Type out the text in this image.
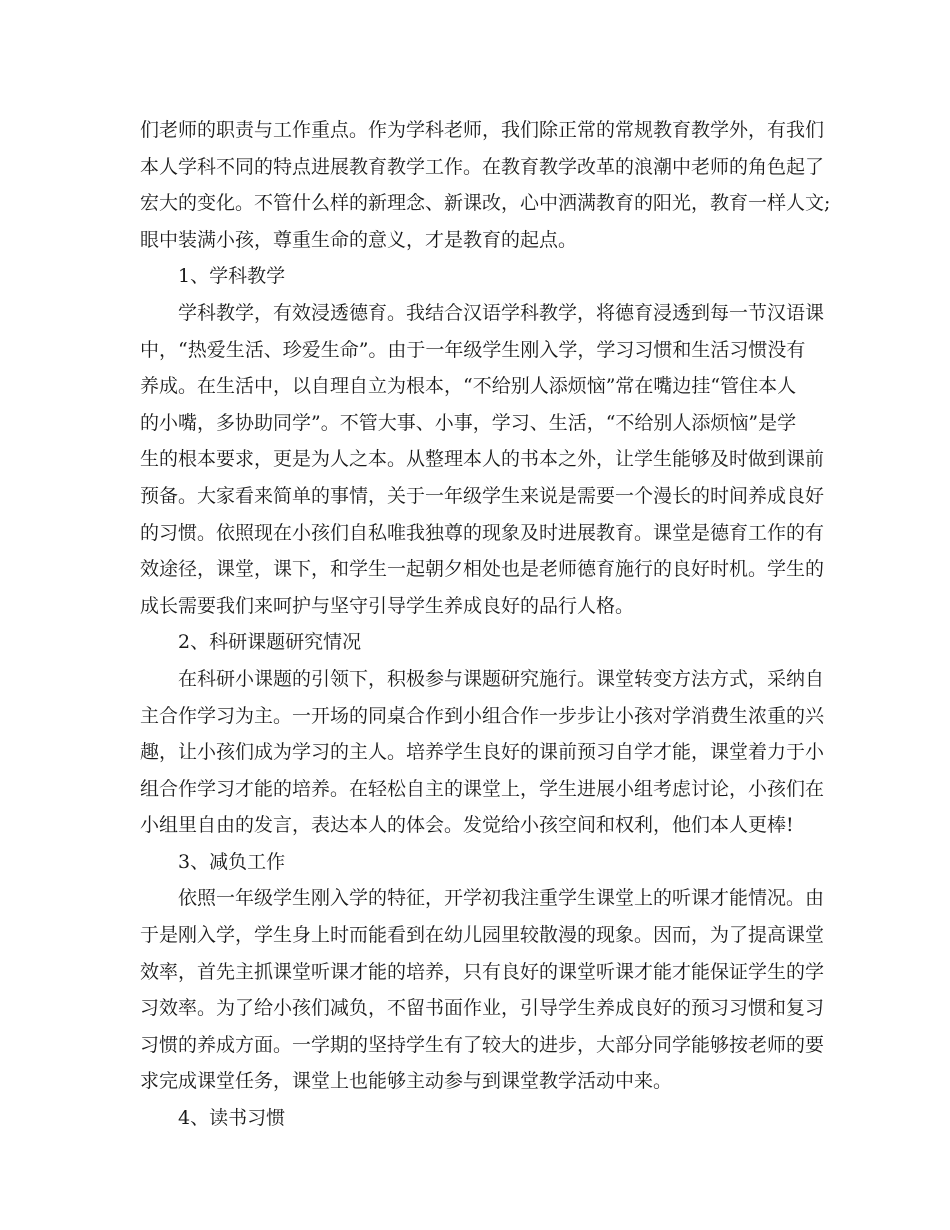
们老师的职责与工作重点。作为学科老师，我们除正常的常规教育教学外，有我们
本人学科不同的特点进展教育教学工作。在教育教学改革的浪潮中老师的角色起了
宏大的变化。不管什么样的新理念、新课改，心中洒满教育的阳光，教育一样人文;
眼中装满小孩，尊重生命的意义，才是教育的起点。
1、学科教学
学科教学，有效浸透德育。我结合汉语学科教学，将德育浸透到每一节汉语课
中，“热爱生活、珍爱生命”。由于一年级学生刚入学，学习习惯和生活习惯没有
养成。在生活中，以自理自立为根本，“不给别人添烦恼”常在嘴边挂“管住本人
的小嘴，多协助同学”。不管大事、小事，学习、生活，“不给别人添烦恼”是学
生的根本要求，更是为人之本。从整理本人的书本之外，让学生能够及时做到课前
预备。大家看来简单的事情，关于一年级学生来说是需要一个漫长的时间养成良好
的习惯。依照现在小孩们自私唯我独尊的现象及时进展教育。课堂是德育工作的有
效途径，课堂，课下，和学生一起朝夕相处也是老师德育施行的良好时机。学生的
成长需要我们来呵护与坚守引导学生养成良好的品行人格。
2、科研课题研究情况
在科研小课题的引领下，积极参与课题研究施行。课堂转变方法方式，采纳自
主合作学习为主。一开场的同桌合作到小组合作一步步让小孩对学消费生浓重的兴
趣，让小孩们成为学习的主人。培养学生良好的课前预习自学才能，课堂着力于小
组合作学习才能的培养。在轻松自主的课堂上，学生进展小组考虑讨论，小孩们在
小组里自由的发言，表达本人的体会。发觉给小孩空间和权利，他们本人更棒!
3、减负工作
依照一年级学生刚入学的特征，开学初我注重学生课堂上的听课才能情况。由
于是刚入学，学生身上时而能看到在幼儿园里较散漫的现象。因而，为了提高课堂
效率，首先主抓课堂听课才能的培养，只有良好的课堂听课才能才能保证学生的学
习效率。为了给小孩们减负，不留书面作业，引导学生养成良好的预习习惯和复习
习惯的养成方面。一学期的坚持学生有了较大的进步，大部分同学能够按老师的要
求完成课堂任务，课堂上也能够主动参与到课堂教学活动中来。
4、读书习惯
